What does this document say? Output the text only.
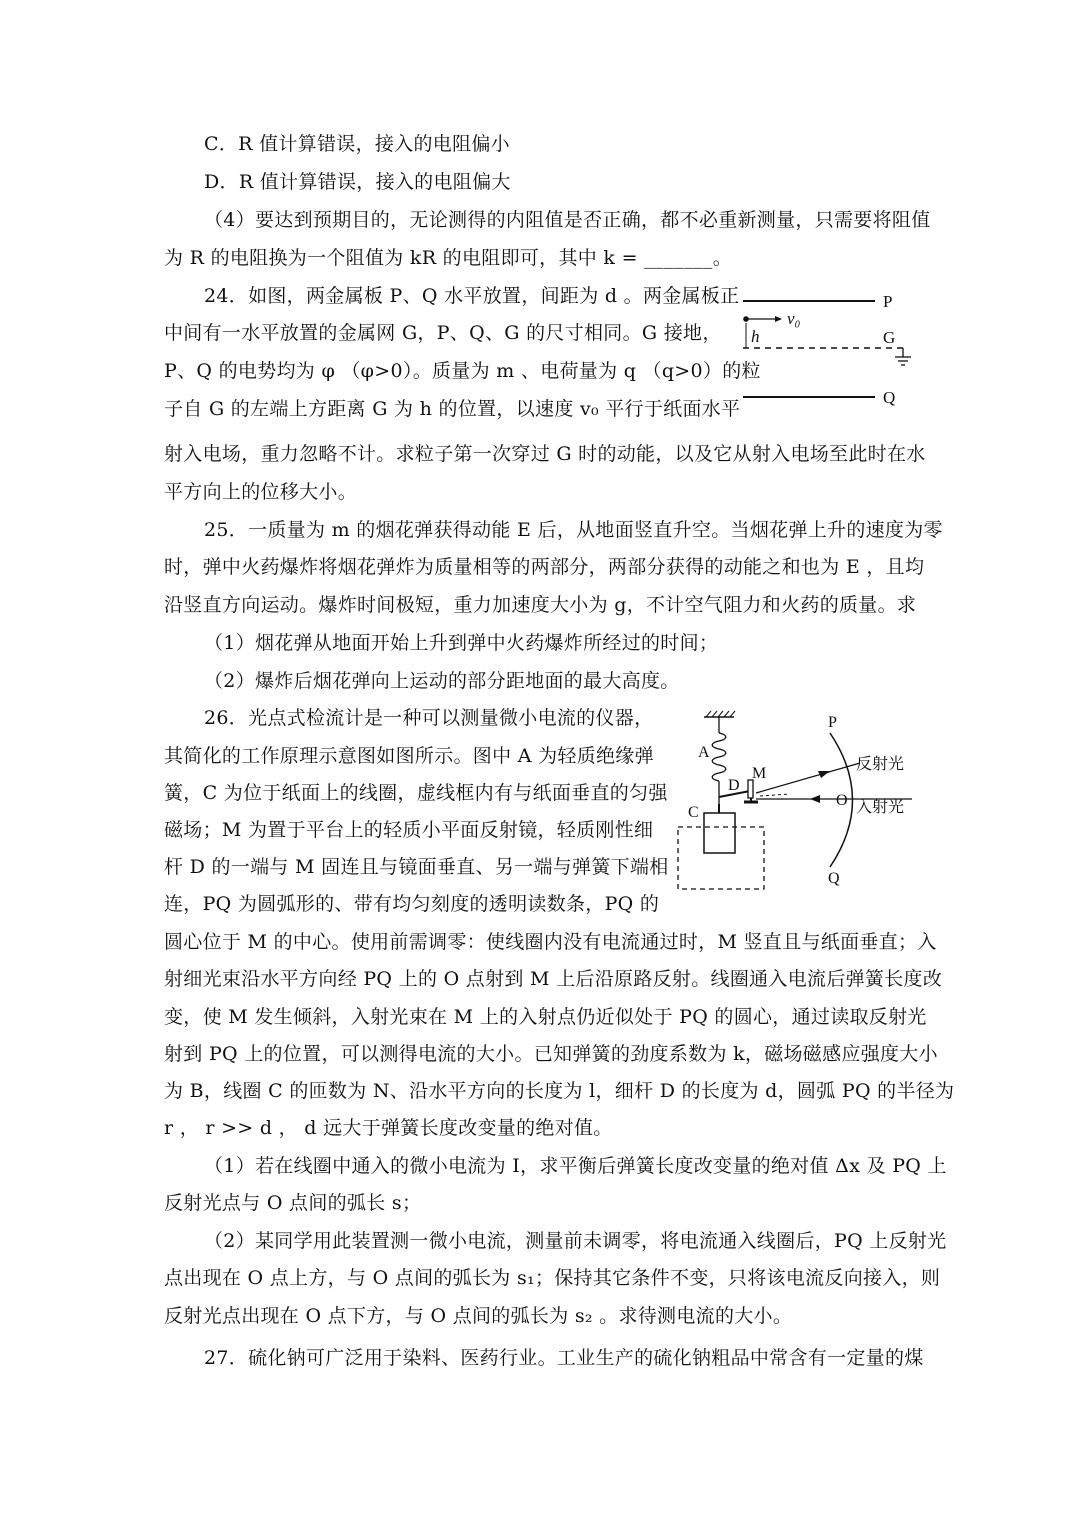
C．R 值计算错误，接入的电阻偏小
D．R 值计算错误，接入的电阻偏大
（4）要达到预期目的，无论测得的内阻值是否正确，都不必重新测量，只需要将阻值
为 R 的电阻换为一个阻值为 kR 的电阻即可，其中 k = _______。
24．如图，两金属板 P、Q 水平放置，间距为 d 。两金属板正
中间有一水平放置的金属网 G，P、Q、G 的尺寸相同。G 接地，
P、Q 的电势均为 φ （φ>0）。质量为 m 、电荷量为 q （q>0）的粒
子自 G 的左端上方距离 G 为 h 的位置，以速度 v₀ 平行于纸面水平
射入电场，重力忽略不计。求粒子第一次穿过 G 时的动能，以及它从射入电场至此时在水
平方向上的位移大小。
25．一质量为 m 的烟花弹获得动能 E 后，从地面竖直升空。当烟花弹上升的速度为零
时，弹中火药爆炸将烟花弹炸为质量相等的两部分，两部分获得的动能之和也为 E ，且均
沿竖直方向运动。爆炸时间极短，重力加速度大小为 g，不计空气阻力和火药的质量。求
（1）烟花弹从地面开始上升到弹中火药爆炸所经过的时间；
（2）爆炸后烟花弹向上运动的部分距地面的最大高度。
26．光点式检流计是一种可以测量微小电流的仪器，
其简化的工作原理示意图如图所示。图中 A 为轻质绝缘弹
簧，C 为位于纸面上的线圈，虚线框内有与纸面垂直的匀强
磁场；M 为置于平台上的轻质小平面反射镜，轻质刚性细
杆 D 的一端与 M 固连且与镜面垂直、另一端与弹簧下端相
连，PQ 为圆弧形的、带有均匀刻度的透明读数条，PQ 的
圆心位于 M 的中心。使用前需调零：使线圈内没有电流通过时，M 竖直且与纸面垂直；入
射细光束沿水平方向经 PQ 上的 O 点射到 M 上后沿原路反射。线圈通入电流后弹簧长度改
变，使 M 发生倾斜，入射光束在 M 上的入射点仍近似处于 PQ 的圆心，通过读取反射光
射到 PQ 上的位置，可以测得电流的大小。已知弹簧的劲度系数为 k，磁场磁感应强度大小
为 B，线圈 C 的匝数为 N、沿水平方向的长度为 l，细杆 D 的长度为 d，圆弧 PQ 的半径为
r ， r >> d ， d 远大于弹簧长度改变量的绝对值。
（1）若在线圈中通入的微小电流为 I，求平衡后弹簧长度改变量的绝对值 Δx 及 PQ 上
反射光点与 O 点间的弧长 s；
（2）某同学用此装置测一微小电流，测量前未调零，将电流通入线圈后，PQ 上反射光
点出现在 O 点上方，与 O 点间的弧长为 s₁；保持其它条件不变，只将该电流反向接入，则
反射光点出现在 O 点下方，与 O 点间的弧长为 s₂ 。求待测电流的大小。
27．硫化钠可广泛用于染料、医药行业。工业生产的硫化钠粗品中常含有一定量的煤
P
G
Q
v₀
h
A
D
M
C
P
Q
O 入射光
反射光
